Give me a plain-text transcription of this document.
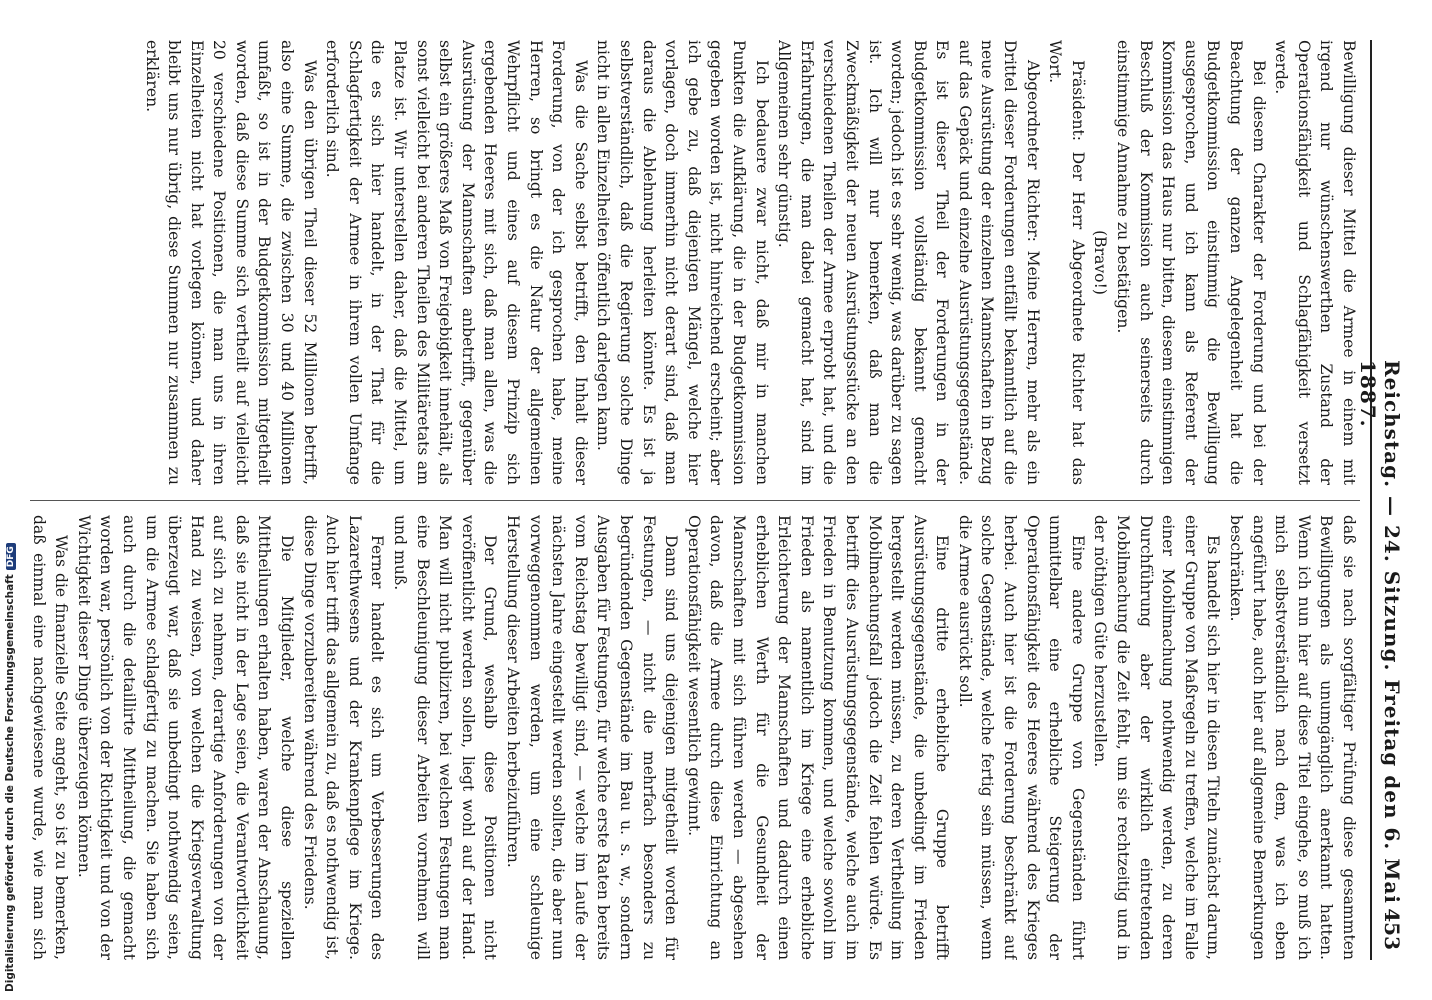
Reichstag. — 24. Sitzung. Freitag den 6. Mai 1887.
453

Bewilligung dieser Mittel die Armee in einem mit irgend nur wünschenswerthen Zustand der Operationsfähigkeit und Schlagfähigkeit versetzt werde.

Bei diesem Charakter der Forderung und bei der Beachtung der ganzen Angelegenheit hat die Budgetkommission einstimmig die Bewilligung ausgesprochen, und ich kann als Referent der Kommission das Haus nur bitten, diesem einstimmigen Beschluß der Kommission auch seinerseits durch einstimmige Annahme zu bestätigen.

(Bravo!)

Präsident: Der Herr Abgeordnete Richter hat das Wort.

Abgeordneter Richter: Meine Herren, mehr als ein Drittel dieser Forderungen entfällt bekanntlich auf die neue Ausrüstung der einzelnen Mannschaften in Bezug auf das Gepäck und einzelne Ausrüstungsgegenstände. Es ist dieser Theil der Forderungen in der Budgetkommission vollständig bekannt gemacht worden; jedoch ist es sehr wenig, was darüber zu sagen ist. Ich will nur bemerken, daß man die Zweckmäßigkeit der neuen Ausrüstungsstücke an den verschiedenen Theilen der Armee erprobt hat, und die Erfahrungen, die man dabei gemacht hat, sind im Allgemeinen sehr günstig.

Ich bedauere zwar nicht, daß mir in manchen Punkten die Aufklärung, die in der Budgetkommission gegeben worden ist, nicht hinreichend erscheint; aber ich gebe zu, daß diejenigen Mängel, welche hier vorlagen, doch immerhin nicht derart sind, daß man daraus die Ablehnung herleiten könnte. Es ist ja selbstverständlich, daß die Regierung solche Dinge nicht in allen Einzelheiten öffentlich darlegen kann.

Was die Sache selbst betrifft, den Inhalt dieser Forderung, von der ich gesprochen habe, meine Herren, so bringt es die Natur der allgemeinen Wehrpflicht und eines auf diesem Prinzip sich ergebenden Heeres mit sich, daß man allen, was die Ausrüstung der Mannschaften anbetrifft, gegenüber selbst ein größeres Maß von Freigebigkeit innehält, als sonst vielleicht bei anderen Theilen des Militäretats am Platze ist. Wir unterstellen daher, daß die Mittel, um die es sich hier handelt, in der That für die Schlagfertigkeit der Armee in ihrem vollen Umfange erforderlich sind.

Was den übrigen Theil dieser 52 Millionen betrifft, also eine Summe, die zwischen 30 und 40 Millionen umfaßt, so ist in der Budgetkommission mitgetheilt worden, daß diese Summe sich vertheilt auf vielleicht 20 verschiedene Positionen, die man uns in ihren Einzelheiten nicht hat vorlegen können, und daher bleibt uns nur übrig, diese Summen nur zusammen zu erklären.

daß sie nach sorgfältiger Prüfung diese gesammten Bewilligungen als unumgänglich anerkannt hatten. Wenn ich nun hier auf diese Titel eingehe, so muß ich mich selbstverständlich nach dem, was ich eben angeführt habe, auch hier auf allgemeine Bemerkungen beschränken.

Es handelt sich hier in diesen Titeln zunächst darum, einer Gruppe von Maßregeln zu treffen, welche im Falle einer Mobilmachung nothwendig werden, zu deren Durchführung aber der wirklich eintretenden Mobilmachung die Zeit fehlt, um sie rechtzeitig und in der nöthigen Güte herzustellen.

Eine andere Gruppe von Gegenständen führt unmittelbar eine erhebliche Steigerung der Operationsfähigkeit des Heeres während des Krieges herbei. Auch hier ist die Forderung beschränkt auf solche Gegenstände, welche fertig sein müssen, wenn die Armee ausrückt soll.

Eine dritte erhebliche Gruppe betrifft Ausrüstungsgegenstände, die unbedingt im Frieden hergestellt werden müssen, zu deren Vertheilung im Mobilmachungsfall jedoch die Zeit fehlen würde. Es betrifft dies Ausrüstungsgegenstände, welche auch im Frieden in Benutzung kommen, und welche sowohl im Frieden als namentlich im Kriege eine erhebliche Erleichterung der Mannschaften und dadurch einen erheblichen Werth für die Gesundheit der Mannschaften mit sich führen werden — abgesehen davon, daß die Armee durch diese Einrichtung an Operationsfähigkeit wesentlich gewinnt.

Dann sind uns diejenigen mitgetheilt worden für Festungen, — nicht die mehrfach besonders zu begründenden Gegenstände im Bau u. s. w., sondern Ausgaben für Festungen, für welche erste Raten bereits vom Reichstag bewilligt sind, — welche im Laufe der nächsten Jahre eingestellt werden sollten, die aber nun vorweggenommen werden, um eine schleunige Herstellung dieser Arbeiten herbeizuführen.

Der Grund, weshalb diese Positionen nicht veröffentlicht werden sollen, liegt wohl auf der Hand. Man will nicht publiziren, bei welchen Festungen man eine Beschleunigung dieser Arbeiten vornehmen will und muß.

Ferner handelt es sich um Verbesserungen des Lazarethwesens und der Krankenpflege im Kriege. Auch hier trifft das allgemein zu, daß es nothwendig ist, diese Dinge vorzubereiten während des Friedens.

Die Mitglieder, welche diese speziellen Mittheilungen erhalten haben, waren der Anschauung, daß sie nicht in der Lage seien, die Verantwortlichkeit auf sich zu nehmen, derartige Anforderungen von der Hand zu weisen, von welchen die Kriegsverwaltung überzeugt war, daß sie unbedingt nothwendig seien, um die Armee schlagfertig zu machen. Sie haben sich auch durch die detaillirte Mittheilung, die gemacht worden war, persönlich von der Richtigkeit und von der Wichtigkeit dieser Dinge überzeugen können.

Was die finanzielle Seite angeht, so ist zu bemerken, daß einmal eine nachgewiesene wurde, wie man sich

Digitalisierung gefördert durch die Deutsche ForschungsgemeinschaftDFG
